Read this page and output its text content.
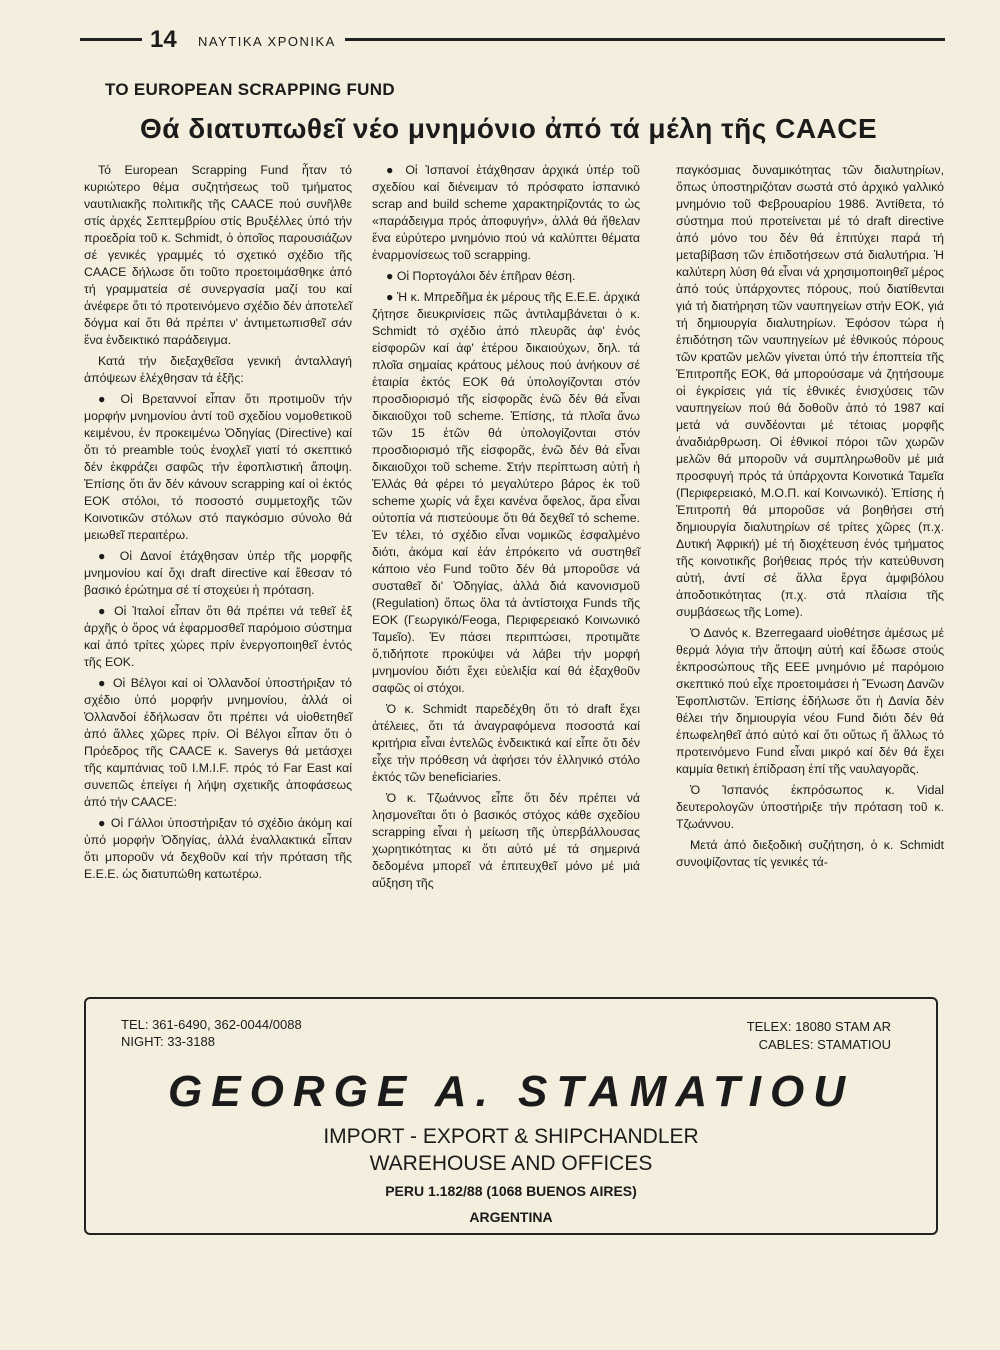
14 ΝΑΥΤΙΚΑ ΧΡΟΝΙΚΑ
ΤΟ EUROPEAN SCRAPPING FUND
Θά διατυπωθεῖ νέο μνημόνιο ἀπό τά μέλη τῆς CAACE

Τό European Scrapping Fund ἦταν τό κυριώτερο θέμα συζητήσεως τοῦ τμήματος ναυτιλιακῆς πολιτικῆς τῆς CAACE πού συνῆλθε στίς ἀρχές Σεπτεμβρίου στίς Βρυξέλλες ὑπό τήν προεδρία τοῦ κ. Schmidt, ὁ ὁποῖος παρουσιάζων σέ γενικές γραμμές τό σχετικό σχέδιο τῆς CAACE δήλωσε ὅτι τοῦτο προετοιμάσθηκε ἀπό τή γραμματεία σέ συνεργασία μαζί του καί ἀνέφερε ὅτι τό προτεινόμενο σχέδιο δέν ἀποτελεῖ δόγμα καί ὅτι θά πρέπει ν' ἀντιμετωπισθεῖ σάν ἕνα ἐνδεικτικό παράδειγμα.

Κατά τήν διεξαχθεῖσα γενική ἀνταλλαγή ἀπόψεων ἐλέχθησαν τά ἑξῆς:

● Οἱ Βρεταννοί εἶπαν ὅτι προτιμοῦν τήν μορφήν μνημονίου ἀντί τοῦ σχεδίου νομοθετικοῦ κειμένου, ἐν προκειμένω Ὁδηγίας (Directive) καί ὅτι τό preamble τούς ἐνοχλεῖ γιατί τό σκεπτικό δέν ἐκφράζει σαφῶς τήν ἐφοπλιστική ἄποψη. Ἐπίσης ὅτι ἄν δέν κάνουν scrapping καί οἱ ἐκτός ΕΟΚ στόλοι, τό ποσοστό συμμετοχῆς τῶν Κοινοτικῶν στόλων στό παγκόσμιο σύνολο θά μειωθεῖ περαιτέρω.

● Οἱ Δανοί ἐτάχθησαν ὑπέρ τῆς μορφῆς μνημονίου καί ὄχι draft directive καί ἔθεσαν τό βασικό ἐρώτημα σέ τί στοχεύει ἡ πρόταση.

● Οἱ Ἰταλοί εἶπαν ὅτι θά πρέπει νά τεθεῖ ἐξ ἀρχῆς ὁ ὅρος νά ἐφαρμοσθεῖ παρόμοιο σύστημα καί ἀπό τρίτες χώρες πρίν ἐνεργοποιηθεῖ ἐντός τῆς ΕΟΚ.

● Οἱ Βέλγοι καί οἱ Ὁλλανδοί ὑποστήριξαν τό σχέδιο ὑπό μορφήν μνημονίου, ἀλλά οἱ Ὁλλανδοί ἐδήλωσαν ὅτι πρέπει νά υἱοθετηθεῖ ἀπό ἄλλες χῶρες πρίν. Οἱ Βέλγοι εἶπαν ὅτι ὁ Πρόεδρος τῆς CAACE κ. Saverys θά μετάσχει τῆς καμπάνιας τοῦ I.M.I.F. πρός τό Far East καί συνεπῶς ἐπείγει ἡ λήψη σχετικῆς ἀποφάσεως ἀπό τήν CAACE:

● Οἱ Γάλλοι ὑποστήριξαν τό σχέδιο ἀκόμη καί ὑπό μορφήν Ὁδηγίας, ἀλλά ἐναλλακτικά εἶπαν ὅτι μποροῦν νά δεχθοῦν καί τήν πρόταση τῆς Ε.Ε.Ε. ὡς διατυπώθη κατωτέρω.

● Οἱ Ἰσπανοί ἐτάχθησαν ἀρχικά ὑπέρ τοῦ σχεδίου καί διένειμαν τό πρόσφατο ἰσπανικό scrap and build scheme χαρακτηρίζοντάς το ὡς «παράδειγμα πρός ἀποφυγήν», ἀλλά θά ἤθελαν ἕνα εὐρύτερο μνημόνιο πού νά καλύπτει θέματα ἐναρμονίσεως τοῦ scrapping.

● Οἱ Πορτογάλοι δέν ἐπῆραν θέση.

● Ἡ κ. Μπρεδῆμα ἐκ μέρους τῆς Ε.Ε.Ε. ἀρχικά ζήτησε διευκρινίσεις πῶς ἀντιλαμβάνεται ὁ κ. Schmidt τό σχέδιο ἀπό πλευρᾶς ἀφ' ἑνός εἰσφορῶν καί ἀφ' ἑτέρου δικαιούχων, δηλ. τά πλοῖα σημαίας κράτους μέλους πού ἀνήκουν σέ ἑταιρία ἐκτός ΕΟΚ θά ὑπολογίζονται στόν προσδιορισμό τῆς εἰσφορᾶς ἐνῶ δέν θά εἶναι δικαιοῦχοι τοῦ scheme. Ἐπίσης, τά πλοῖα ἄνω τῶν 15 ἐτῶν θά ὑπολογίζονται στόν προσδιορισμό τῆς εἰσφορᾶς, ἐνῶ δέν θά εἶναι δικαιοῦχοι τοῦ scheme. Στήν περίπτωση αὐτή ἡ Ἑλλάς θά φέρει τό μεγαλύτερο βάρος ἐκ τοῦ scheme χωρίς νά ἔχει κανένα ὄφελος, ἄρα εἶναι οὐτοπία νά πιστεύουμε ὅτι θά δεχθεῖ τό scheme. Ἐν τέλει, τό σχέδιο εἶναι νομικῶς ἐσφαλμένο διότι, ἀκόμα καί ἐάν ἐπρόκειτο νά συστηθεῖ κάποιο νέο Fund τοῦτο δέν θά μποροῦσε νά συσταθεῖ δι' Ὁδηγίας, ἀλλά διά κανονισμοῦ (Regulation) ὅπως ὅλα τά ἀντίστοιχα Funds τῆς ΕΟΚ (Γεωργικό/Feoga, Περιφερειακό Κοινωνικό Ταμεῖο). Ἐν πάσει περιπτώσει, προτιμᾶτε ὅ,τιδήποτε προκύψει νά λάβει τήν μορφή μνημονίου διότι ἔχει εὐελιξία καί θά ἐξαχθοῦν σαφῶς οἱ στόχοι.

Ὁ κ. Schmidt παρεδέχθη ὅτι τό draft ἔχει ἀτέλειες, ὅτι τά ἀναγραφόμενα ποσοστά καί κριτήρια εἶναι ἐντελῶς ἐνδεικτικά καί εἶπε ὅτι δέν εἶχε τήν πρόθεση νά ἀφήσει τόν ἑλληνικό στόλο ἐκτός τῶν beneficiaries.

Ὁ κ. Τζωάννος εἶπε ὅτι δέν πρέπει νά λησμονεῖται ὅτι ὁ βασικός στόχος κάθε σχεδίου scrapping εἶναι ἡ μείωση τῆς ὑπερβάλλουσας χωρητικότητας κι ὅτι αὐτό μέ τά σημερινά δεδομένα μπορεῖ νά ἐπιτευχθεῖ μόνο μέ μιά αὔξηση τῆς

παγκόσμιας δυναμικότητας τῶν διαλυτηρίων, ὅπως ὑποστηριζόταν σωστά στό ἀρχικό γαλλικό μνημόνιο τοῦ Φεβρουαρίου 1986. Ἀντίθετα, τό σύστημα πού προτείνεται μέ τό draft directive ἀπό μόνο του δέν θά ἐπιτύχει παρά τή μεταβίβαση τῶν ἐπιδοτήσεων στά διαλυτήρια. Ἡ καλύτερη λύση θά εἶναι νά χρησιμοποιηθεῖ μέρος ἀπό τούς ὑπάρχοντες πόρους, πού διατίθενται γιά τή διατήρηση τῶν ναυπηγείων στήν ΕΟΚ, γιά τή δημιουργία διαλυτηρίων. Ἐφόσον τώρα ἡ ἐπιδότηση τῶν ναυπηγείων μέ ἐθνικούς πόρους τῶν κρατῶν μελῶν γίνεται ὑπό τήν ἐποπτεία τῆς Ἐπιτροπῆς ΕΟΚ, θά μπορούσαμε νά ζητήσουμε οἱ ἐγκρίσεις γιά τίς ἐθνικές ἐνισχύσεις τῶν ναυπηγείων πού θά δοθοῦν ἀπό τό 1987 καί μετά νά συνδέονται μέ τέτοιας μορφῆς ἀναδιάρθρωση. Οἱ ἐθνικοί πόροι τῶν χωρῶν μελῶν θά μποροῦν νά συμπληρωθοῦν μέ μιά προσφυγή πρός τά ὑπάρχοντα Κοινοτικά Ταμεῖα (Περιφερειακό, Μ.Ο.Π. καί Κοινωνικό). Ἐπίσης ἡ Ἐπιτροπή θά μποροῦσε νά βοηθήσει στή δημιουργία διαλυτηρίων σέ τρίτες χῶρες (π.χ. Δυτική Ἀφρική) μέ τή διοχέτευση ἑνός τμήματος τῆς κοινοτικῆς βοήθειας πρός τήν κατεύθυνση αὐτή, ἀντί σέ ἄλλα ἔργα ἀμφιβόλου ἀποδοτικότητας (π.χ. στά πλαίσια τῆς συμβάσεως τῆς Lome).

Ὁ Δανός κ. Bzerregaard υἱοθέτησε ἀμέσως μέ θερμά λόγια τήν ἄποψη αὐτή καί ἔδωσε στούς ἐκπροσώπους τῆς ΕΕΕ μνημόνιο μέ παρόμοιο σκεπτικό πού εἶχε προετοιμάσει ἡ Ἕνωση Δανῶν Ἐφοπλιστῶν. Ἐπίσης ἐδήλωσε ὅτι ἡ Δανία δέν θέλει τήν δημιουργία νέου Fund διότι δέν θά ἐπωφεληθεῖ ἀπό αὐτό καί ὅτι οὕτως ἤ ἄλλως τό προτεινόμενο Fund εἶναι μικρό καί δέν θά ἔχει καμμία θετική ἐπίδραση ἐπί τῆς ναυλαγορᾶς.

Ὁ Ἰσπανός ἐκπρόσωπος κ. Vidal δευτερολογῶν ὑποστήριξε τήν πρόταση τοῦ κ. Τζωάννου.

Μετά ἀπό διεξοδική συζήτηση, ὁ κ. Schmidt συνοψίζοντας τίς γενικές τά-

TEL: 361-6490, 362-0044/0088
NIGHT: 33-3188
TELEX: 18080 STAM AR
CABLES: STAMATIOU
GEORGE A. STAMATIOU
IMPORT - EXPORT & SHIPCHANDLER
WAREHOUSE AND OFFICES
PERU 1.182/88 (1068 BUENOS AIRES)
ARGENTINA
